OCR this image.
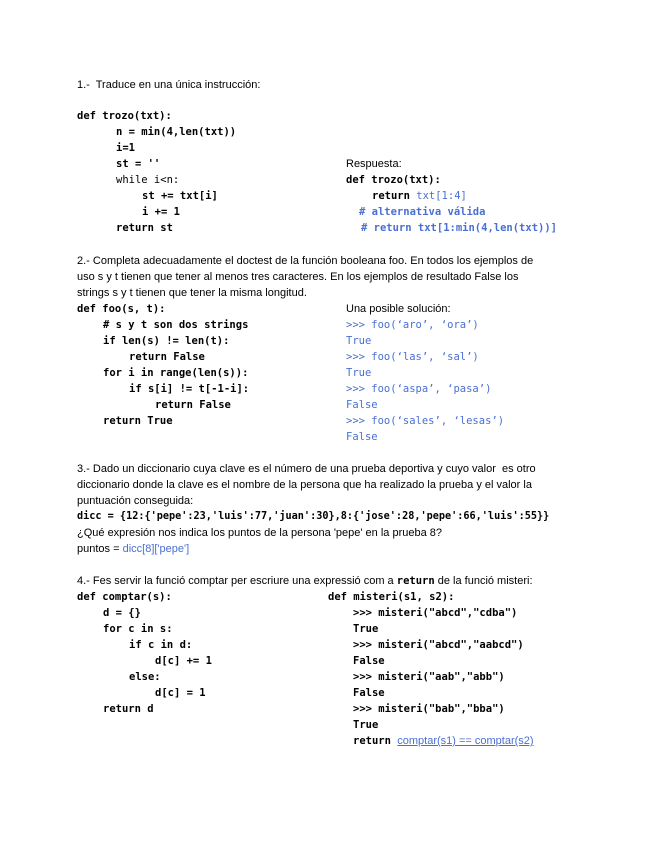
1.-  Traduce en una única instrucción:
def trozo(txt):
n = min(4,len(txt))
i=1
st = ''
while i<n:
st += txt[i]
i += 1
return st
Respuesta:
def trozo(txt):
return txt[1:4]
# alternativa válida
# return txt[1:min(4,len(txt))]
2.- Completa adecuadamente el doctest de la función booleana foo. En todos los ejemplos de
uso s y t tienen que tener al menos tres caracteres. En los ejemplos de resultado False los
strings s y t tienen que tener la misma longitud.
def foo(s, t):
# s y t son dos strings
if len(s) != len(t):
return False
for i in range(len(s)):
if s[i] != t[-1-i]:
return False
return True
Una posible solución:
>>> foo(‘aro’, ‘ora’)
True
>>> foo(‘las’, ‘sal’)
True
>>> foo(‘aspa’, ‘pasa’)
False
>>> foo(‘sales’, ‘lesas’)
False
3.- Dado un diccionario cuya clave es el número de una prueba deportiva y cuyo valor  es otro
diccionario donde la clave es el nombre de la persona que ha realizado la prueba y el valor la
puntuación conseguida:
dicc = {12:{'pepe':23,'luis':77,'juan':30},8:{'jose':28,'pepe':66,'luis':55}}
¿Qué expresión nos indica los puntos de la persona 'pepe' en la prueba 8?
puntos = dicc[8]['pepe']
4.- Fes servir la funció comptar per escriure una expressió com a return de la funció misteri:
def comptar(s):
d = {}
for c in s:
if c in d:
d[c] += 1
else:
d[c] = 1
return d
def misteri(s1, s2):
>>> misteri("abcd","cdba")
True
>>> misteri("abcd","aabcd")
False
>>> misteri("aab","abb")
False
>>> misteri("bab","bba")
True
return comptar(s1) == comptar(s2)
